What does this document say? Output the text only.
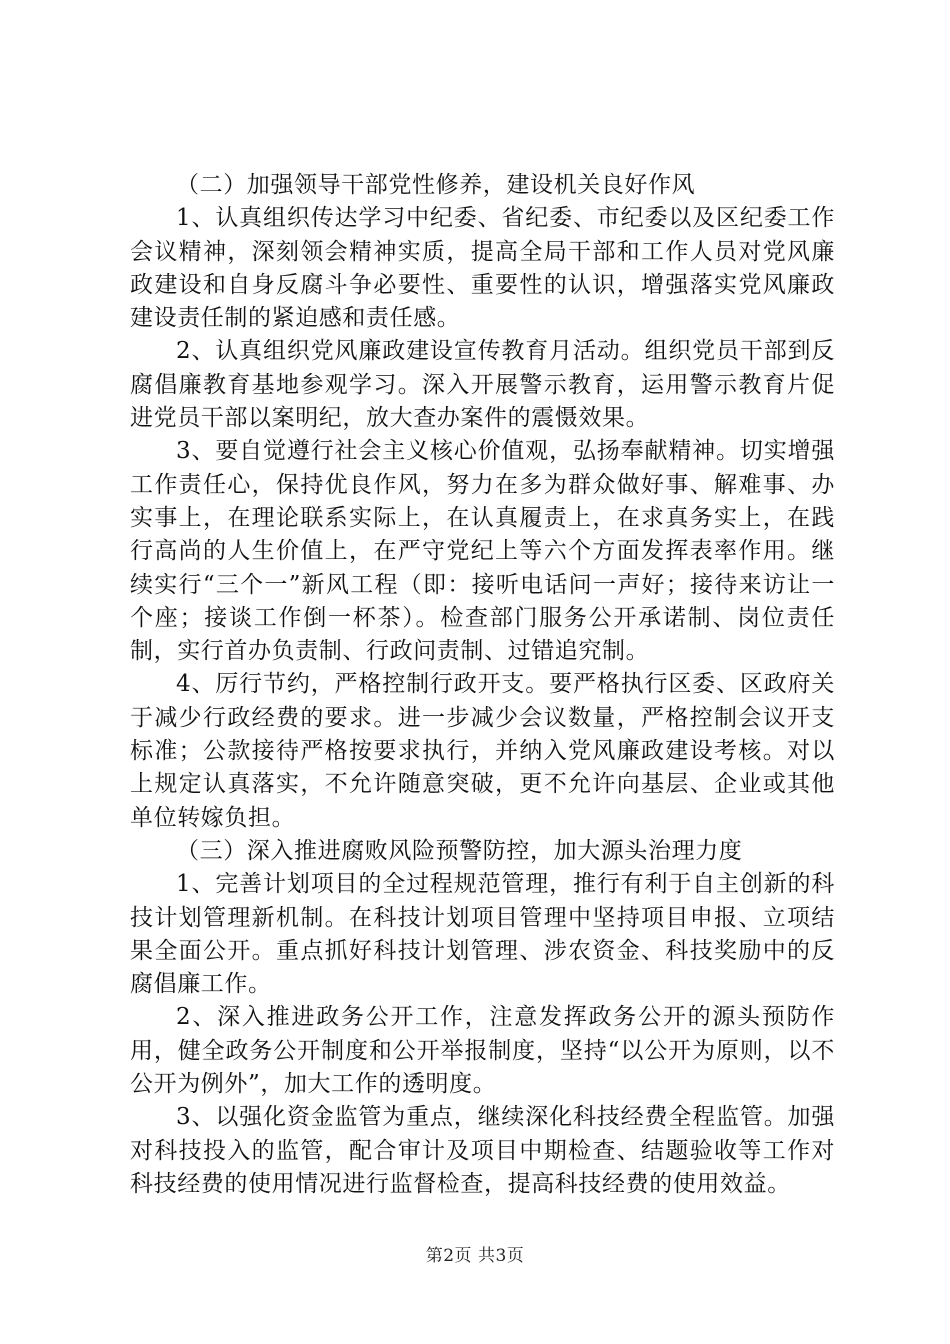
（二）加强领导干部党性修养，建设机关良好作风

1、认真组织传达学习中纪委、省纪委、市纪委以及区纪委工作会议精神，深刻领会精神实质，提高全局干部和工作人员对党风廉政建设和自身反腐斗争必要性、重要性的认识，增强落实党风廉政建设责任制的紧迫感和责任感。

2、认真组织党风廉政建设宣传教育月活动。组织党员干部到反腐倡廉教育基地参观学习。深入开展警示教育，运用警示教育片促进党员干部以案明纪，放大查办案件的震慑效果。

3、要自觉遵行社会主义核心价值观，弘扬奉献精神。切实增强工作责任心，保持优良作风，努力在多为群众做好事、解难事、办实事上，在理论联系实际上，在认真履责上，在求真务实上，在践行高尚的人生价值上，在严守党纪上等六个方面发挥表率作用。继续实行“三个一”新风工程（即：接听电话问一声好；接待来访让一个座；接谈工作倒一杯茶）。检查部门服务公开承诺制、岗位责任制，实行首办负责制、行政问责制、过错追究制。

4、厉行节约，严格控制行政开支。要严格执行区委、区政府关于减少行政经费的要求。进一步减少会议数量，严格控制会议开支标准；公款接待严格按要求执行，并纳入党风廉政建设考核。对以上规定认真落实，不允许随意突破，更不允许向基层、企业或其他单位转嫁负担。

（三）深入推进腐败风险预警防控，加大源头治理力度

1、完善计划项目的全过程规范管理，推行有利于自主创新的科技计划管理新机制。在科技计划项目管理中坚持项目申报、立项结果全面公开。重点抓好科技计划管理、涉农资金、科技奖励中的反腐倡廉工作。

2、深入推进政务公开工作，注意发挥政务公开的源头预防作用，健全政务公开制度和公开举报制度，坚持“以公开为原则，以不公开为例外”，加大工作的透明度。

3、以强化资金监管为重点，继续深化科技经费全程监管。加强对科技投入的监管，配合审计及项目中期检查、结题验收等工作对科技经费的使用情况进行监督检查，提高科技经费的使用效益。

第2页 共3页
